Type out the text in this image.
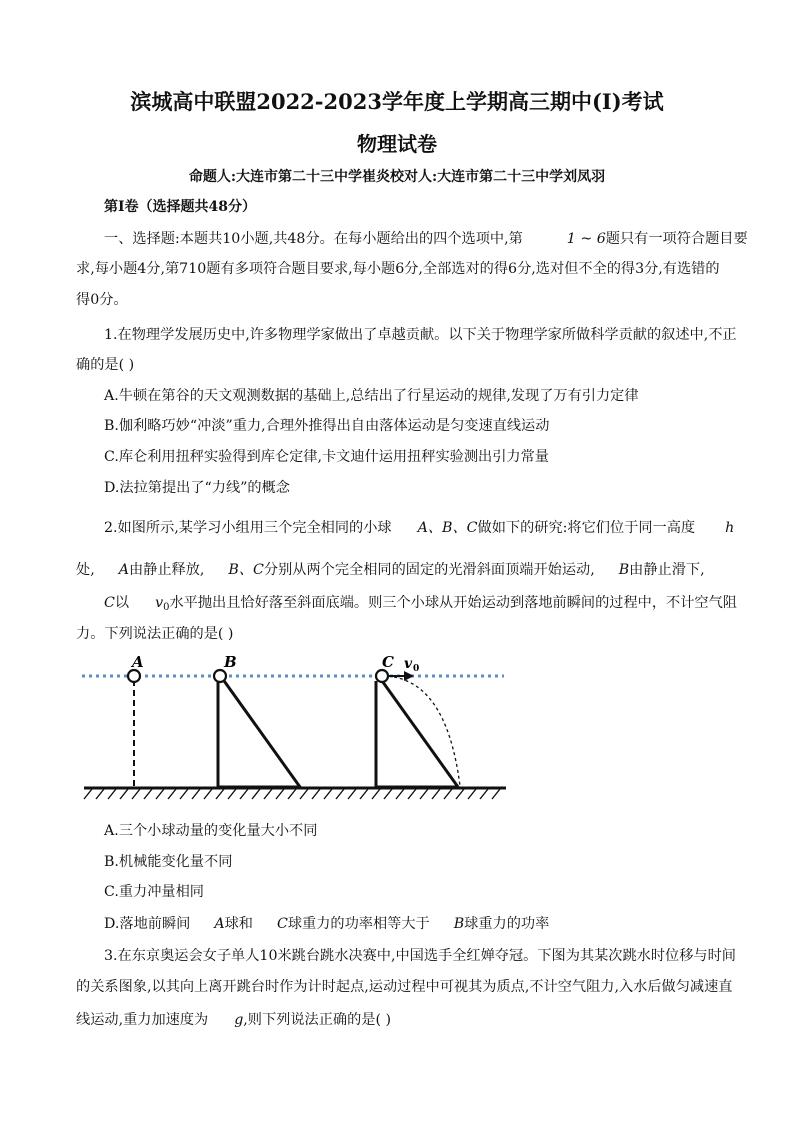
滨城高中联盟2022-2023学年度上学期高三期中(I)考试
物理试卷
命题人:大连市第二十三中学崔炎校对人:大连市第二十三中学刘凤羽
第I卷（选择题共48分）
一、选择题:本题共10小题,共48分。在每小题给出的四个选项中,第	1 ~ 6题只有一项符合题目要
求,每小题4分,第710题有多项符合题目要求,每小题6分,全部选对的得6分,选对但不全的得3分,有选错的
得0分。
1.在物理学发展历史中,许多物理学家做出了卓越贡献。以下关于物理学家所做科学贡献的叙述中,不正
确的是( )
A.牛顿在第谷的天文观测数据的基础上,总结出了行星运动的规律,发现了万有引力定律
B.伽利略巧妙“冲淡”重力,合理外推得出自由落体运动是匀变速直线运动
C.库仑利用扭秤实验得到库仑定律,卡文迪什运用扭秤实验测出引力常量
D.法拉第提出了“力线”的概念
2.如图所示,某学习小组用三个完全相同的小球 A、B、C做如下的研究:将它们位于同一高度 h
处, A由静止释放, B、C分别从两个完全相同的固定的光滑斜面顶端开始运动, B由静止滑下,
C以 $v_0$水平抛出且恰好落至斜面底端。则三个小球从开始运动到落地前瞬间的过程中，不计空气阻
力。下列说法正确的是( )
A	B	C v 0
A.三个小球动量的变化量大小不同
B.机械能变化量不同
C.重力冲量相同
D.落地前瞬间 A球和 C球重力的功率相等大于 B球重力的功率
3.在东京奥运会女子单人10米跳台跳水决赛中,中国选手全红婵夺冠。下图为其某次跳水时位移与时间
的关系图象,以其向上离开跳台时作为计时起点,运动过程中可视其为质点,不计空气阻力,入水后做匀减速直
线运动,重力加速度为 g,则下列说法正确的是( )
